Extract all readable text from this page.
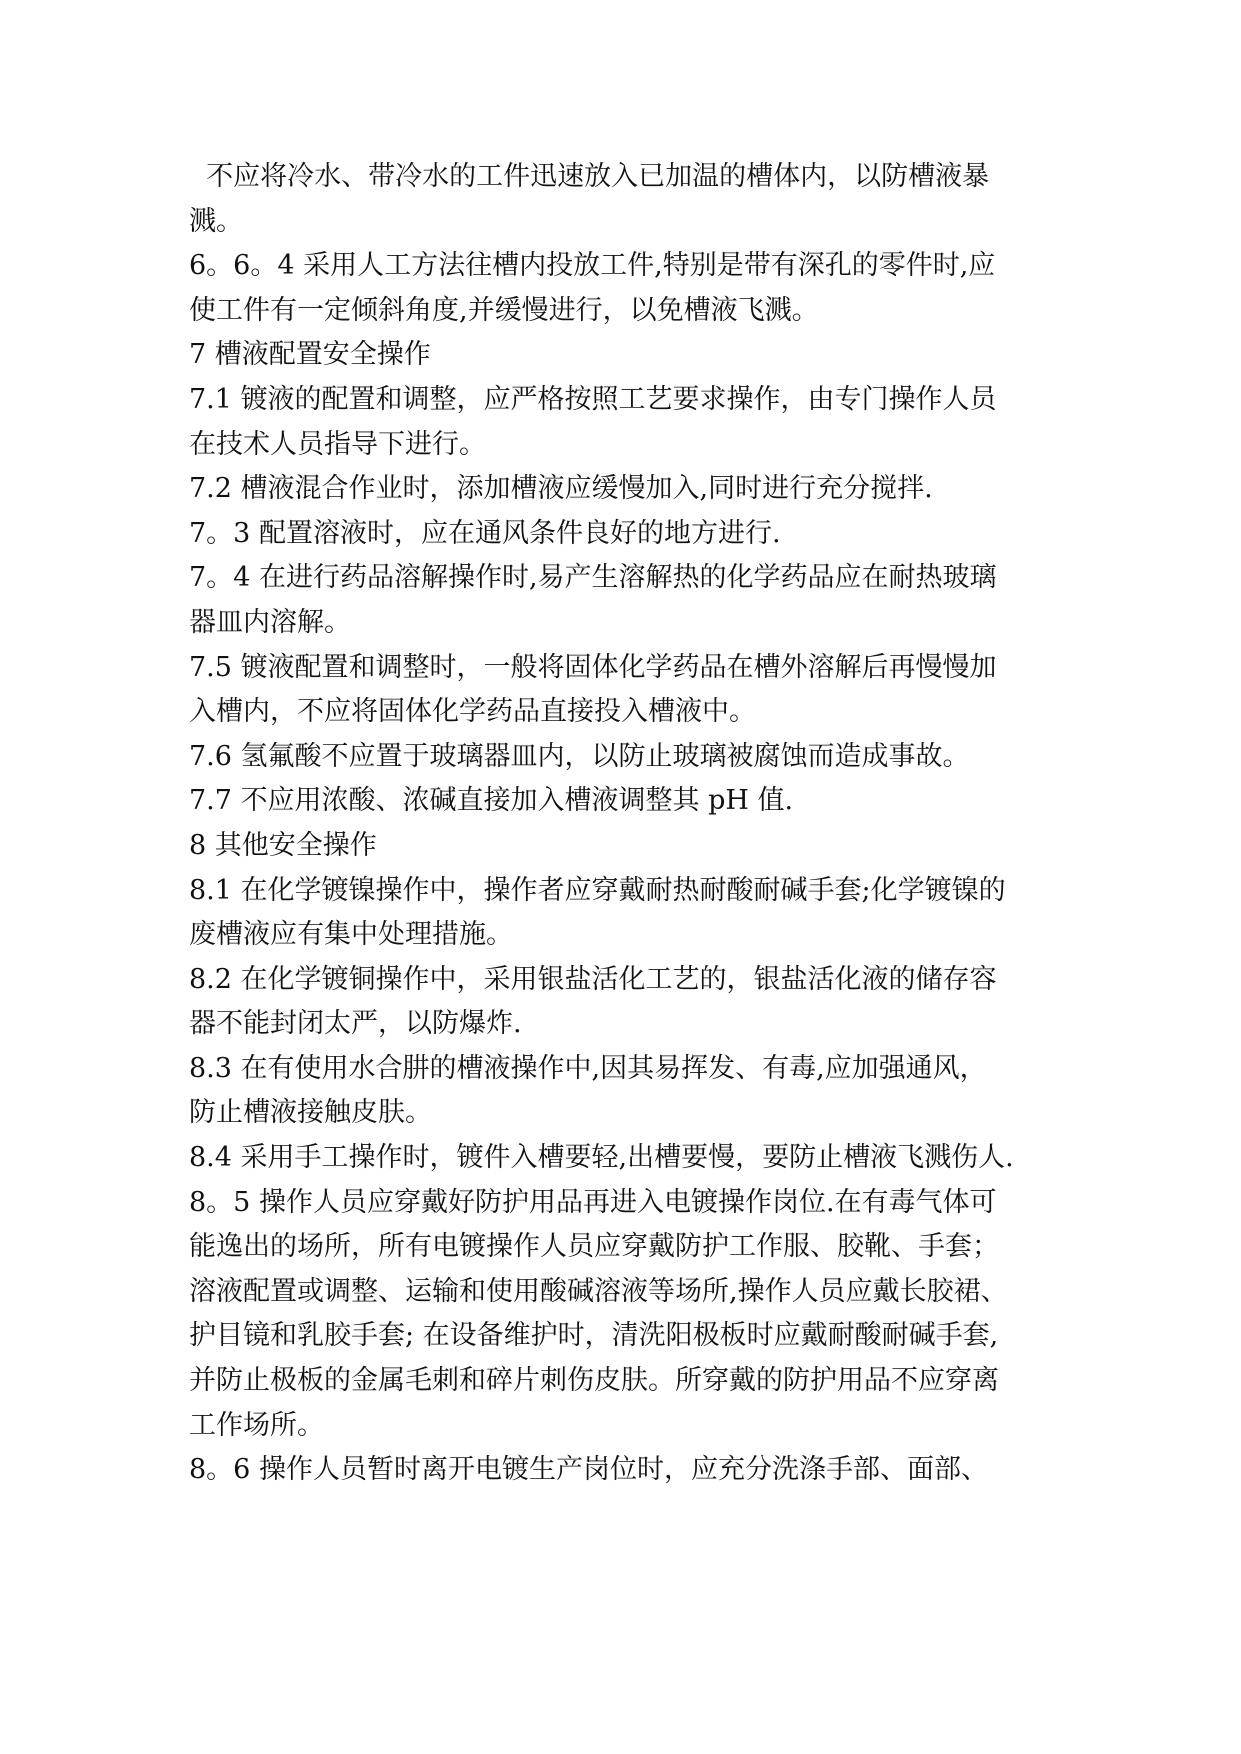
不应将冷水、带冷水的工件迅速放入已加温的槽体内，以防槽液暴
溅。
6。6。4 采用人工方法往槽内投放工件,特别是带有深孔的零件时,应
使工件有一定倾斜角度,并缓慢进行，以免槽液飞溅。
7 槽液配置安全操作
7.1 镀液的配置和调整，应严格按照工艺要求操作，由专门操作人员
在技术人员指导下进行。
7.2 槽液混合作业时，添加槽液应缓慢加入,同时进行充分搅拌.
7。3 配置溶液时，应在通风条件良好的地方进行.
7。4 在进行药品溶解操作时,易产生溶解热的化学药品应在耐热玻璃
器皿内溶解。
7.5 镀液配置和调整时，一般将固体化学药品在槽外溶解后再慢慢加
入槽内，不应将固体化学药品直接投入槽液中。
7.6 氢氟酸不应置于玻璃器皿内，以防止玻璃被腐蚀而造成事故。
7.7 不应用浓酸、浓碱直接加入槽液调整其 pH 值.
8 其他安全操作
8.1 在化学镀镍操作中，操作者应穿戴耐热耐酸耐碱手套;化学镀镍的
废槽液应有集中处理措施。
8.2 在化学镀铜操作中，采用银盐活化工艺的，银盐活化液的储存容
器不能封闭太严，以防爆炸.
8.3 在有使用水合肼的槽液操作中,因其易挥发、有毒,应加强通风，
防止槽液接触皮肤。
8.4 采用手工操作时，镀件入槽要轻,出槽要慢，要防止槽液飞溅伤人.
8。5 操作人员应穿戴好防护用品再进入电镀操作岗位.在有毒气体可
能逸出的场所，所有电镀操作人员应穿戴防护工作服、胶靴、手套；
溶液配置或调整、运输和使用酸碱溶液等场所,操作人员应戴长胶裙、
护目镜和乳胶手套; 在设备维护时，清洗阳极板时应戴耐酸耐碱手套,
并防止极板的金属毛刺和碎片刺伤皮肤。所穿戴的防护用品不应穿离
工作场所。
8。6 操作人员暂时离开电镀生产岗位时，应充分洗涤手部、面部、
